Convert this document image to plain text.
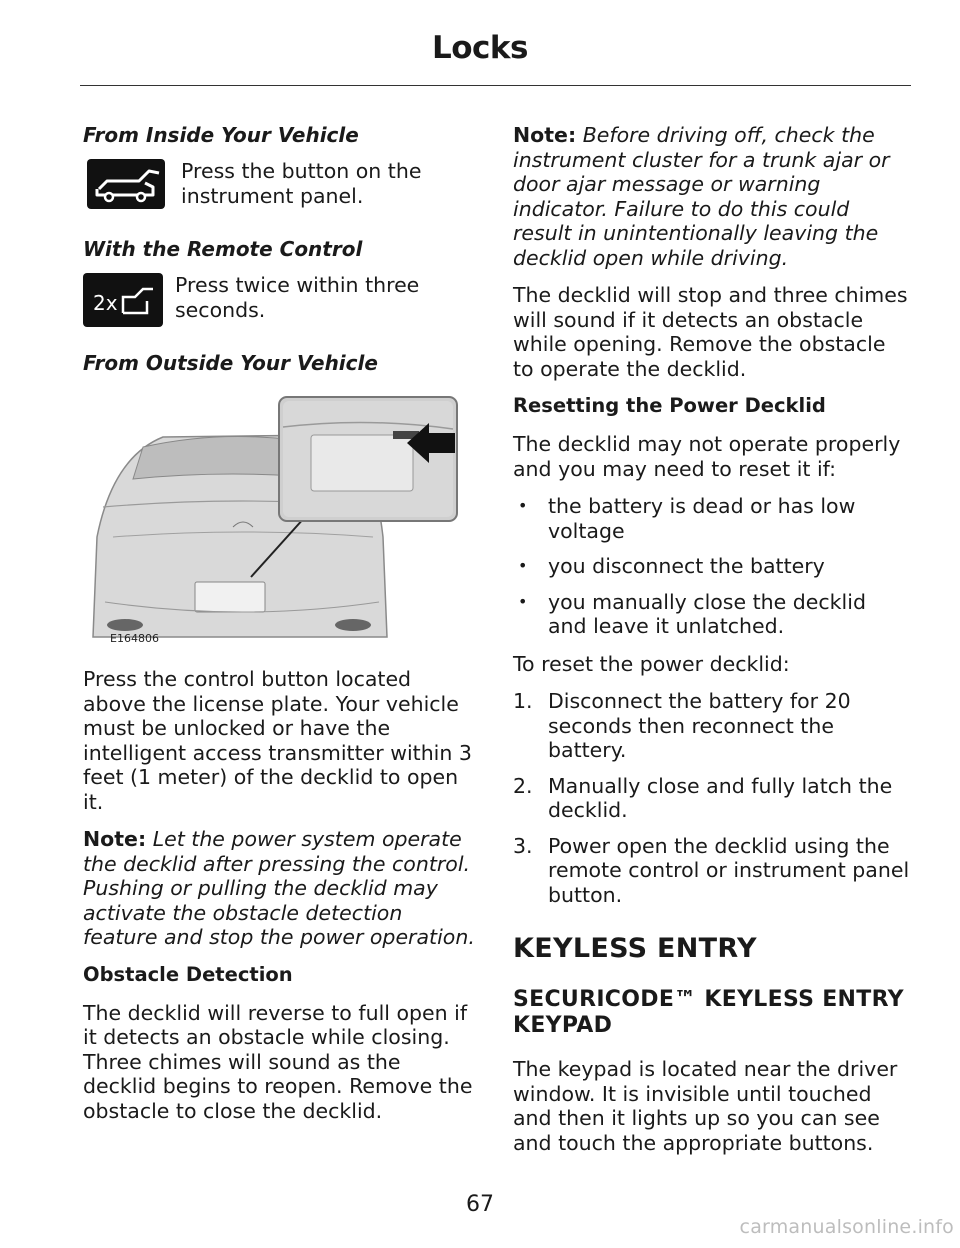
Locks

From Inside Your Vehicle

Press the button on the instrument panel.

With the Remote Control

2x

Press twice within three seconds.

From Outside Your Vehicle

E164806

Press the control button located above the license plate. Your vehicle must be unlocked or have the intelligent access transmitter within 3 feet (1 meter) of the decklid to open it.

Note: Let the power system operate the decklid after pressing the control. Pushing or pulling the decklid may activate the obstacle detection feature and stop the power operation.

Obstacle Detection

The decklid will reverse to full open if it detects an obstacle while closing. Three chimes will sound as the decklid begins to reopen. Remove the obstacle to close the decklid.

Note: Before driving off, check the instrument cluster for a trunk ajar or door ajar message or warning indicator. Failure to do this could result in unintentionally leaving the decklid open while driving.

The decklid will stop and three chimes will sound if it detects an obstacle while opening. Remove the obstacle to operate the decklid.

Resetting the Power Decklid

The decklid may not operate properly and you may need to reset it if:

• the battery is dead or has low voltage
• you disconnect the battery
• you manually close the decklid and leave it unlatched.

To reset the power decklid:

1. Disconnect the battery for 20 seconds then reconnect the battery.
2. Manually close and fully latch the decklid.
3. Power open the decklid using the remote control or instrument panel button.

KEYLESS ENTRY

SECURICODE™ KEYLESS ENTRY KEYPAD

The keypad is located near the driver window. It is invisible until touched and then it lights up so you can see and touch the appropriate buttons.

67
carmanualsonline.info
